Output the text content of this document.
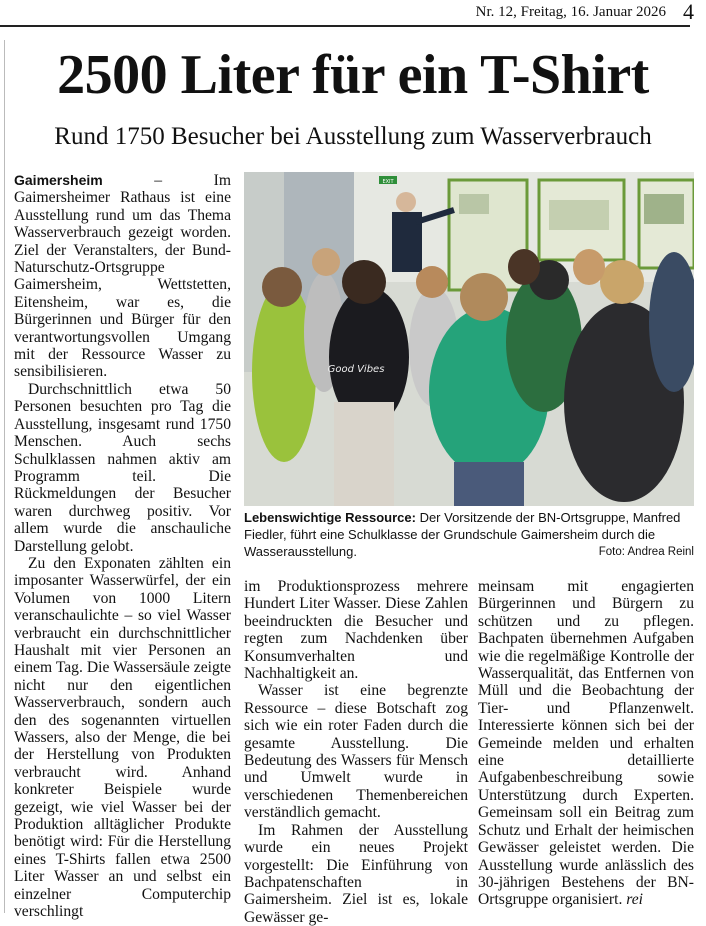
Nr. 12, Freitag, 16. Januar 2026 4
2500 Liter für ein T-Shirt
Rund 1750 Besucher bei Ausstellung zum Wasserverbrauch

Gaimersheim – Im Gaimersheimer Rathaus ist eine Ausstellung rund um das Thema Wasserverbrauch gezeigt worden. Ziel der Veranstalters, der Bund-Naturschutz-Ortsgruppe Gaimersheim, Wettstetten, Eitensheim, war es, die Bürgerinnen und Bürger für den verantwortungsvollen Umgang mit der Ressource Wasser zu sensibilisieren.

Durchschnittlich etwa 50 Personen besuchten pro Tag die Ausstellung, insgesamt rund 1750 Menschen. Auch sechs Schulklassen nahmen aktiv am Programm teil. Die Rückmeldungen der Besucher waren durchweg positiv. Vor allem wurde die anschauliche Darstellung gelobt.

Zu den Exponaten zählten ein imposanter Wasserwürfel, der ein Volumen von 1000 Litern veranschaulichte – so viel Wasser verbraucht ein durchschnittlicher Haushalt mit vier Personen an einem Tag. Die Wassersäule zeigte nicht nur den eigentlichen Wasserverbrauch, sondern auch den des sogenannten virtuellen Wassers, also der Menge, die bei der Herstellung von Produkten verbraucht wird. Anhand konkreter Beispiele wurde gezeigt, wie viel Wasser bei der Produktion alltäglicher Produkte benötigt wird: Für die Herstellung eines T-Shirts fallen etwa 2500 Liter Wasser an und selbst ein einzelner Computerchip verschlingt

EXIT
Good Vibes
Lebenswichtige Ressource: Der Vorsitzende der BN-Ortsgruppe, Manfred Fiedler, führt eine Schulklasse der Grundschule Gaimersheim durch die Wasserausstellung.	Foto: Andrea Reinl

im Produktionsprozess mehrere Hundert Liter Wasser. Diese Zahlen beeindruckten die Besucher und regten zum Nachdenken über Konsumverhalten und Nachhaltigkeit an.

Wasser ist eine begrenzte Ressource – diese Botschaft zog sich wie ein roter Faden durch die gesamte Ausstellung. Die Bedeutung des Wassers für Mensch und Umwelt wurde in verschiedenen Themenbereichen verständlich gemacht.

Im Rahmen der Ausstellung wurde ein neues Projekt vorgestellt: Die Einführung von Bachpatenschaften in Gaimersheim. Ziel ist es, lokale Gewässer ge-

meinsam mit engagierten Bürgerinnen und Bürgern zu schützen und zu pflegen. Bachpaten übernehmen Aufgaben wie die regelmäßige Kontrolle der Wasserqualität, das Entfernen von Müll und die Beobachtung der Tier- und Pflanzenwelt. Interessierte können sich bei der Gemeinde melden und erhalten eine detaillierte Aufgabenbeschreibung sowie Unterstützung durch Experten. Gemeinsam soll ein Beitrag zum Schutz und Erhalt der heimischen Gewässer geleistet werden. Die Ausstellung wurde anlässlich des 30-jährigen Bestehens der BN-Ortsgruppe organisiert. rei
